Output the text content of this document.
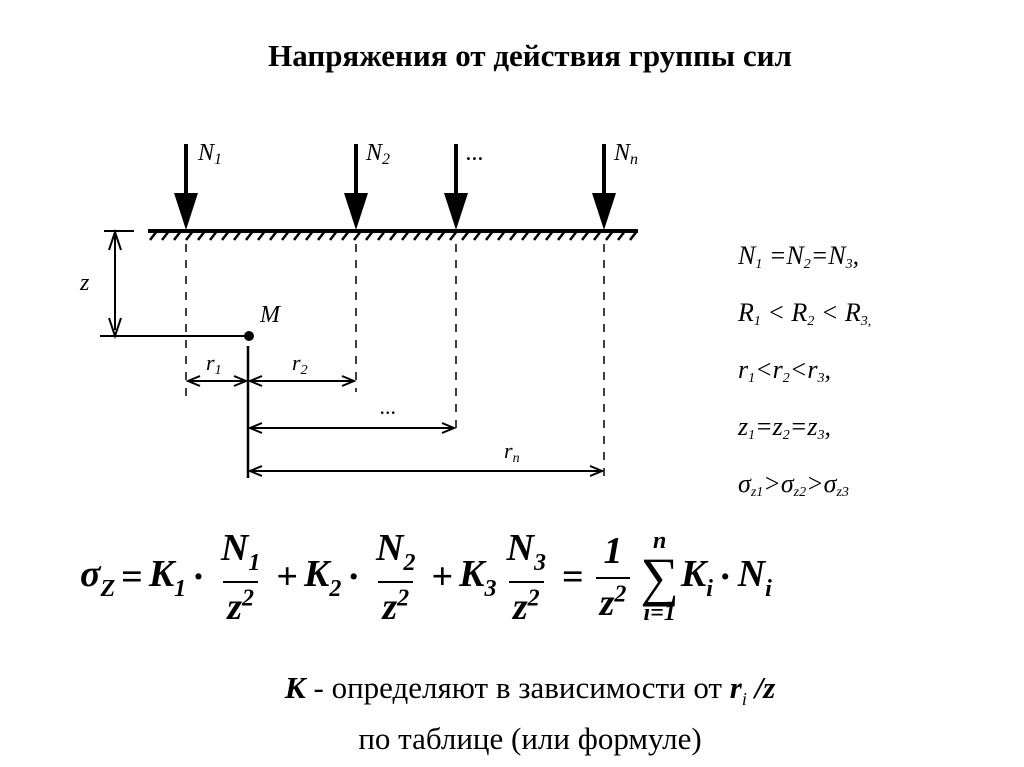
Напряжения от действия группы сил
N1	N2	...	Nn
z
M
r1	r2
...
rn
$N_1 =N_2=N_3$,
$R_1 < R_2 < R_{3,}$
$r_1<r_2<r_3$,
$z_1=z_2=z_3$,
$\sigma_{z1}>\sigma_{z2}>\sigma_{z3}$
$\sigma_Z = K_1 \cdot \frac{N_1}{z^2} + K_2 \cdot \frac{N_2}{z^2} + K_3 \frac{N_3}{z^2} = \frac{1}{z^2}$ n
∑
i=1
$K_i \cdot N_i$
К - определяют в зависимости от $r_i$ /z
по таблице (или формуле)
